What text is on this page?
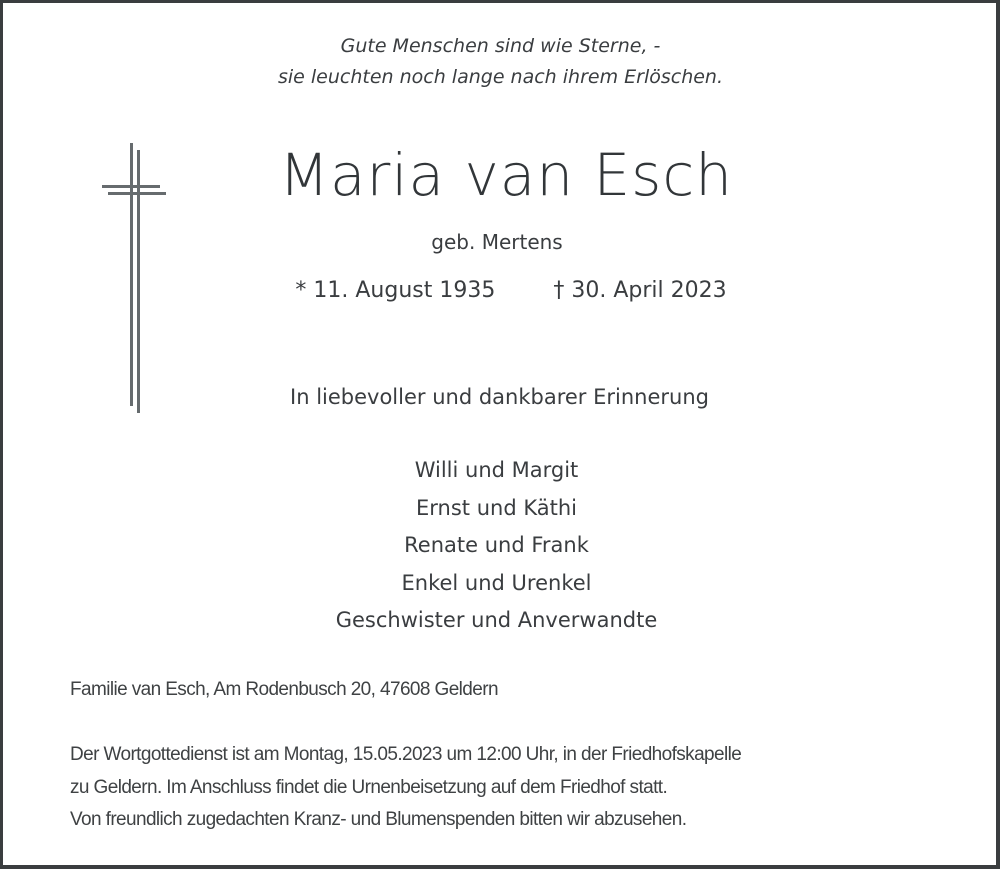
Gute Menschen sind wie Sterne, -
sie leuchten noch lange nach ihrem Erlöschen.
Maria van Esch
geb. Mertens
* 11. August 1935	† 30. April 2023
In liebevoller und dankbarer Erinnerung
Willi und Margit
Ernst und Käthi
Renate und Frank
Enkel und Urenkel
Geschwister und Anverwandte
Familie van Esch, Am Rodenbusch 20, 47608 Geldern
Der Wortgottedienst ist am Montag, 15.05.2023 um 12:00 Uhr, in der Friedhofskapelle
zu Geldern. Im Anschluss findet die Urnenbeisetzung auf dem Friedhof statt.
Von freundlich zugedachten Kranz- und Blumenspenden bitten wir abzusehen.
